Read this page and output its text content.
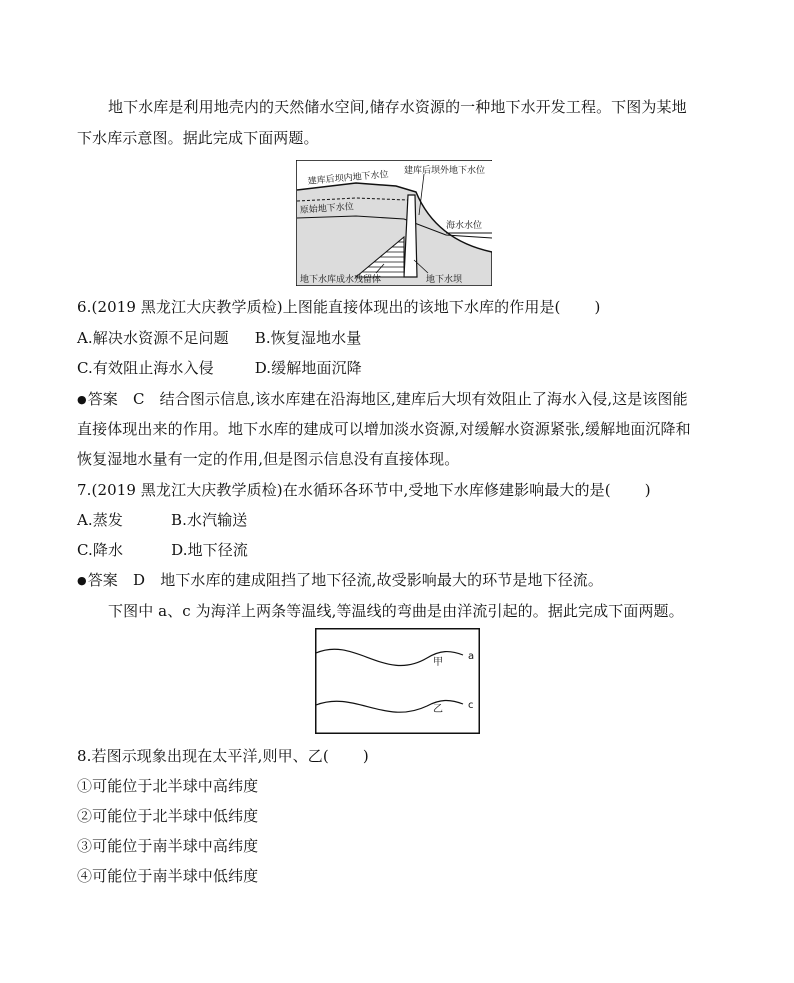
地下水库是利用地壳内的天然储水空间,储存水资源的一种地下水开发工程。下图为某地
下水库示意图。据此完成下面两题。
建库后坝外地下水位
建库后坝内地下水位
原始地下水位
海水水位
地下水库成水残留体	地下水坝
6.(2019 黑龙江大庆教学质检)上图能直接体现出的该地下水库的作用是( )
A.解决水资源不足问题 B.恢复湿地水量
C.有效阻止海水入侵	D.缓解地面沉降
●答案　C　结合图示信息,该水库建在沿海地区,建库后大坝有效阻止了海水入侵,这是该图能
直接体现出来的作用。地下水库的建成可以增加淡水资源,对缓解水资源紧张,缓解地面沉降和
恢复湿地水量有一定的作用,但是图示信息没有直接体现。
7.(2019 黑龙江大庆教学质检)在水循环各环节中,受地下水库修建影响最大的是( )
A.蒸发	B.水汽输送
C.降水	D.地下径流
●答案　D　地下水库的建成阻挡了地下径流,故受影响最大的环节是地下径流。
下图中 a、c 为海洋上两条等温线,等温线的弯曲是由洋流引起的。据此完成下面两题。
甲
乙
a
c
8.若图示现象出现在太平洋,则甲、乙( )
①可能位于北半球中高纬度
②可能位于北半球中低纬度
③可能位于南半球中高纬度
④可能位于南半球中低纬度
